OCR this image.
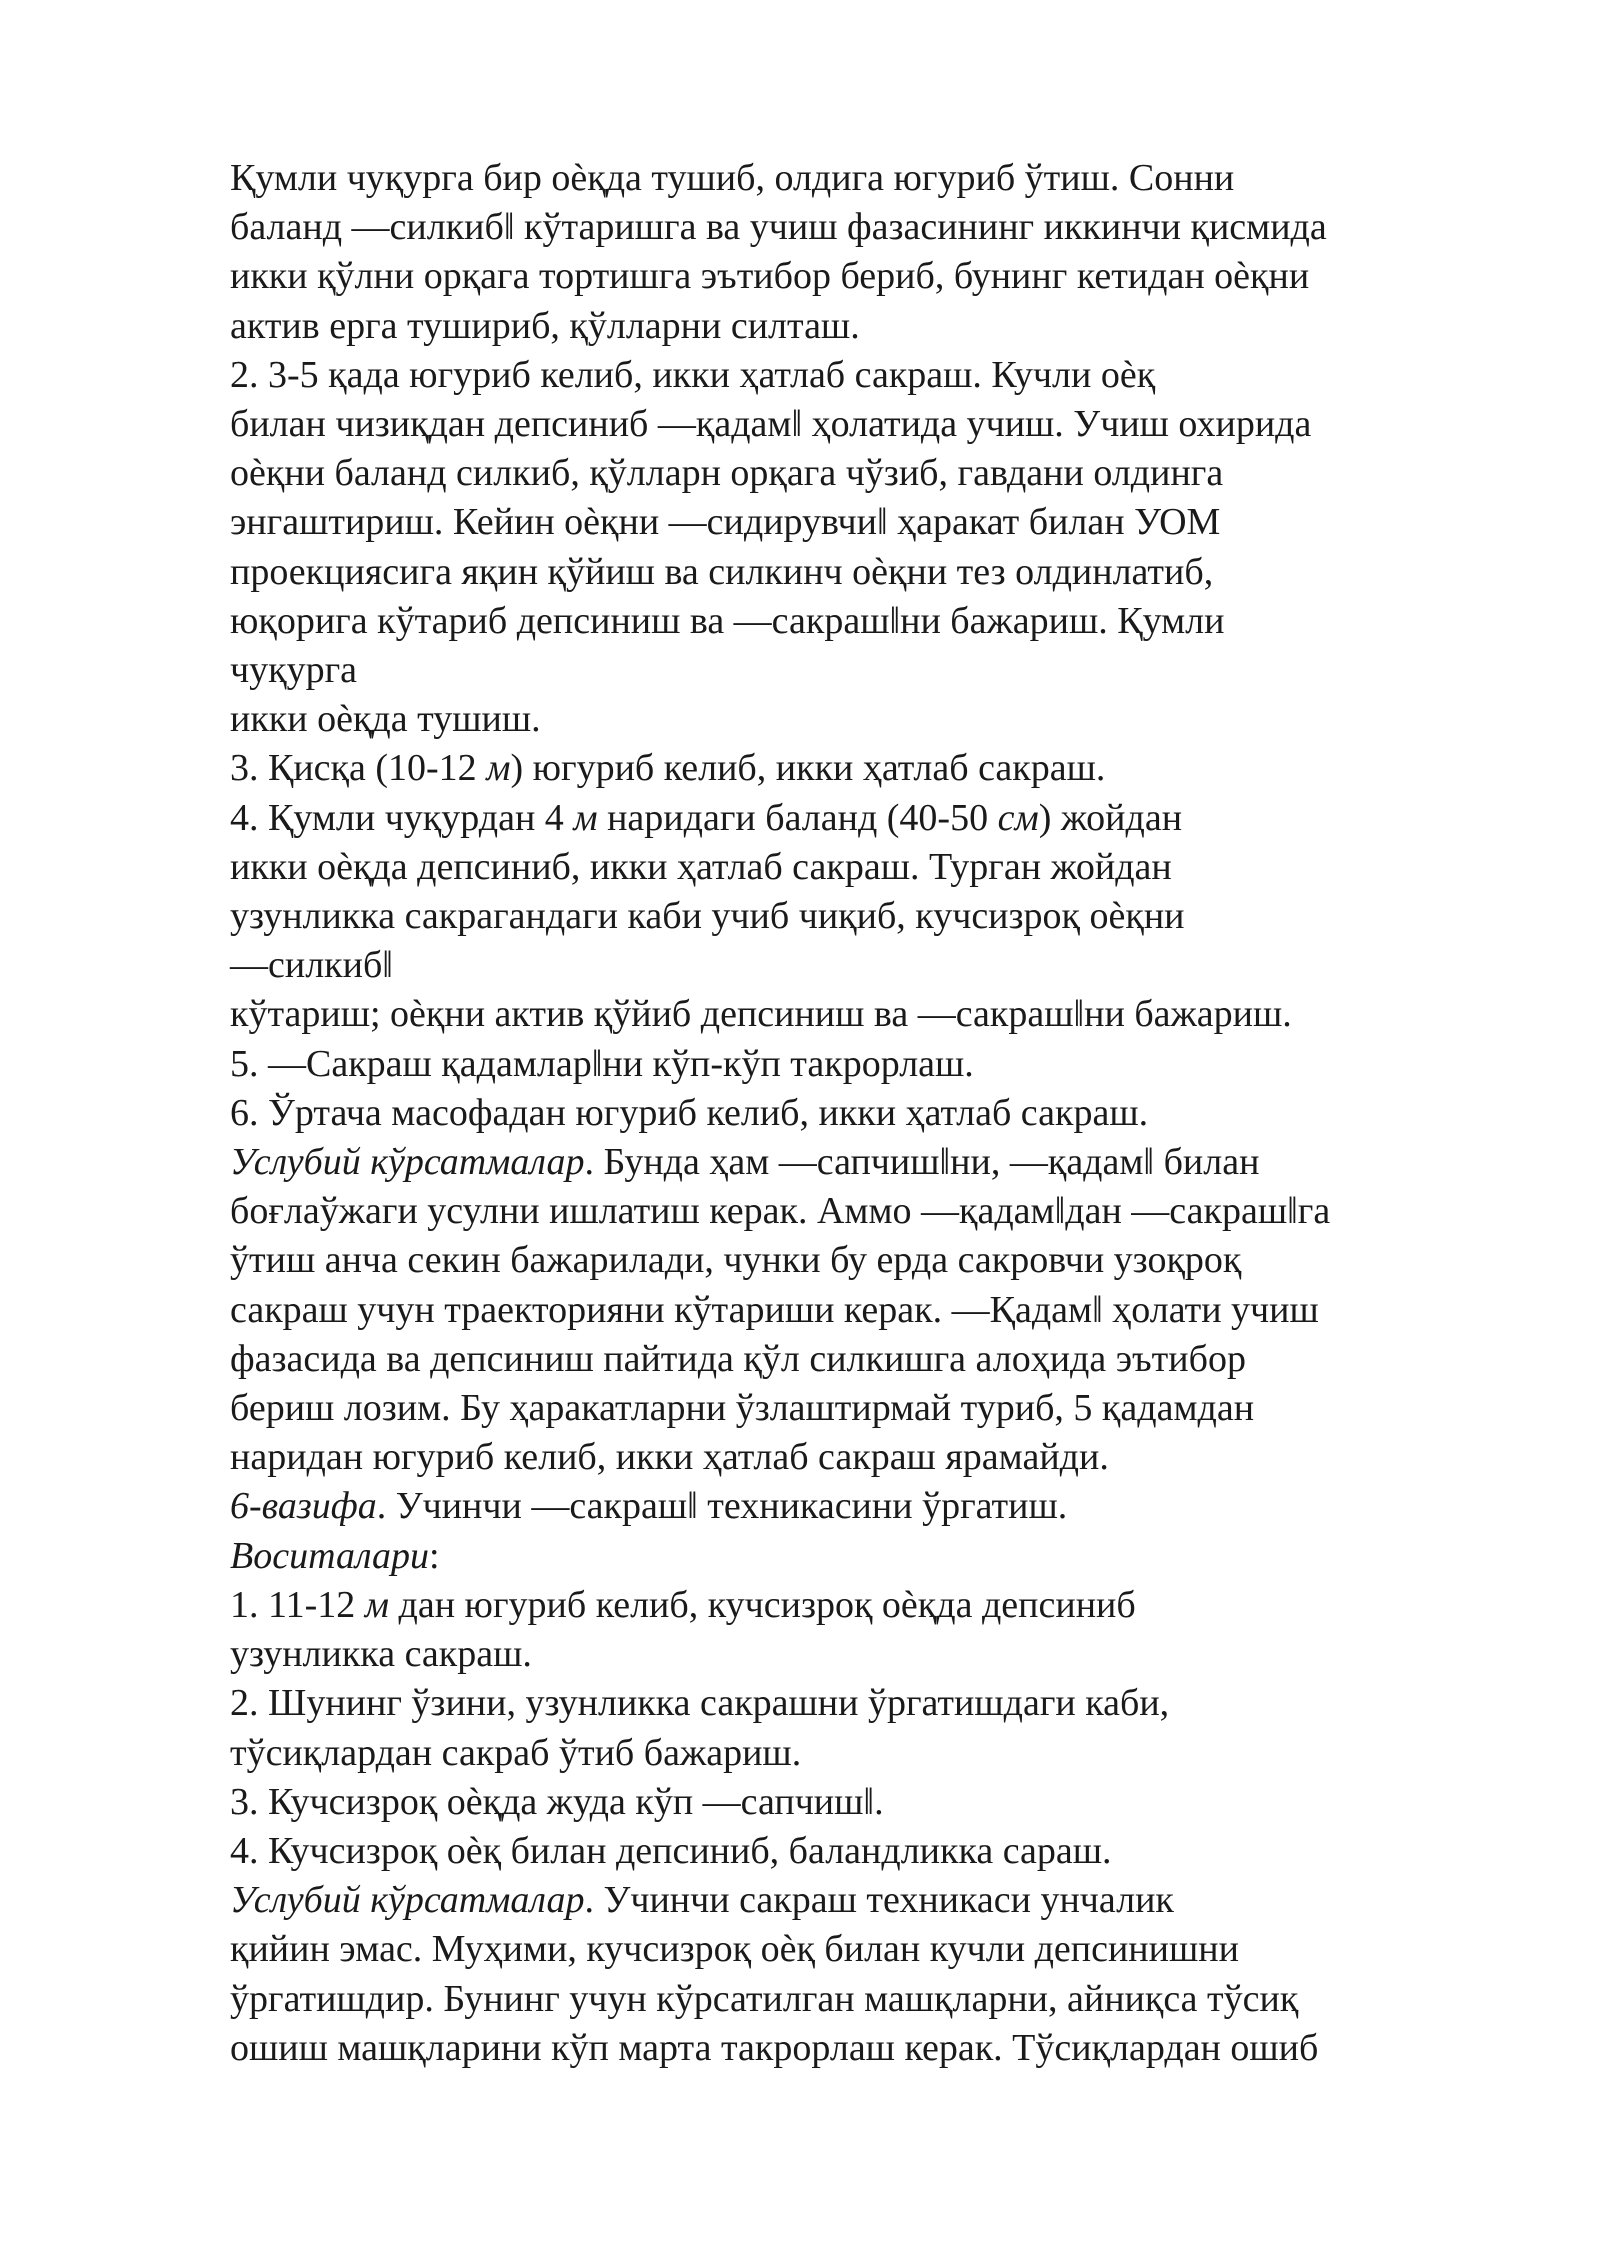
Қумли чуқурга бир оѐқда тушиб, олдига югуриб ўтиш. Сонни
баланд ―силкиб‖ кўтаришга ва учиш фазасининг иккинчи қисмида
икки қўлни орқага тортишга эътибор бериб, бунинг кетидан оѐқни
актив ерга тушириб, қўлларни силташ.
2. 3-5 қада югуриб келиб, икки ҳатлаб сакраш. Кучли оѐқ
билан чизиқдан депсиниб ―қадам‖ ҳолатида учиш. Учиш охирида
оѐқни баланд силкиб, қўлларн орқага чўзиб, гавдани олдинга
энгаштириш. Кейин оѐқни ―сидирувчи‖ ҳаракат билан УОМ
проекциясига яқин қўйиш ва силкинч оѐқни тез олдинлатиб,
юқорига кўтариб депсиниш ва ―сакраш‖ни бажариш. Қумли
чуқурга
икки оѐқда тушиш.
3. Қисқа (10-12 м) югуриб келиб, икки ҳатлаб сакраш.
4. Қумли чуқурдан 4 м наридаги баланд (40-50 см) жойдан
икки оѐқда депсиниб, икки ҳатлаб сакраш. Турган жойдан
узунликка сакрагандаги каби учиб чиқиб, кучсизроқ оѐқни
―силкиб‖
кўтариш; оѐқни актив қўйиб депсиниш ва ―сакраш‖ни бажариш.
5. ―Сакраш қадамлар‖ни кўп-кўп такрорлаш.
6. Ўртача масофадан югуриб келиб, икки ҳатлаб сакраш.
Услубий кўрсатмалар. Бунда ҳам ―сапчиш‖ни, ―қадам‖ билан
боғлаўжаги усулни ишлатиш керак. Аммо ―қадам‖дан ―сакраш‖га
ўтиш анча секин бажарилади, чунки бу ерда сакровчи узоқроқ
сакраш учун траекторияни кўтариши керак. ―Қадам‖ ҳолати учиш
фазасида ва депсиниш пайтида қўл силкишга алоҳида эътибор
бериш лозим. Бу ҳаракатларни ўзлаштирмай туриб, 5 қадамдан
наридан югуриб келиб, икки ҳатлаб сакраш ярамайди.
6-вазифа. Учинчи ―сакраш‖ техникасини ўргатиш.
Воситалари:
1. 11-12 м дан югуриб келиб, кучсизроқ оѐқда депсиниб
узунликка сакраш.
2. Шунинг ўзини, узунликка сакрашни ўргатишдаги каби,
тўсиқлардан сакраб ўтиб бажариш.
3. Кучсизроқ оѐқда жуда кўп ―сапчиш‖.
4. Кучсизроқ оѐқ билан депсиниб, баландликка сараш.
Услубий кўрсатмалар. Учинчи сакраш техникаси унчалик
қийин эмас. Муҳими, кучсизроқ оѐқ билан кучли депсинишни
ўргатишдир. Бунинг учун кўрсатилган машқларни, айниқса тўсиқ
ошиш машқларини кўп марта такрорлаш керак. Тўсиқлардан ошиб
